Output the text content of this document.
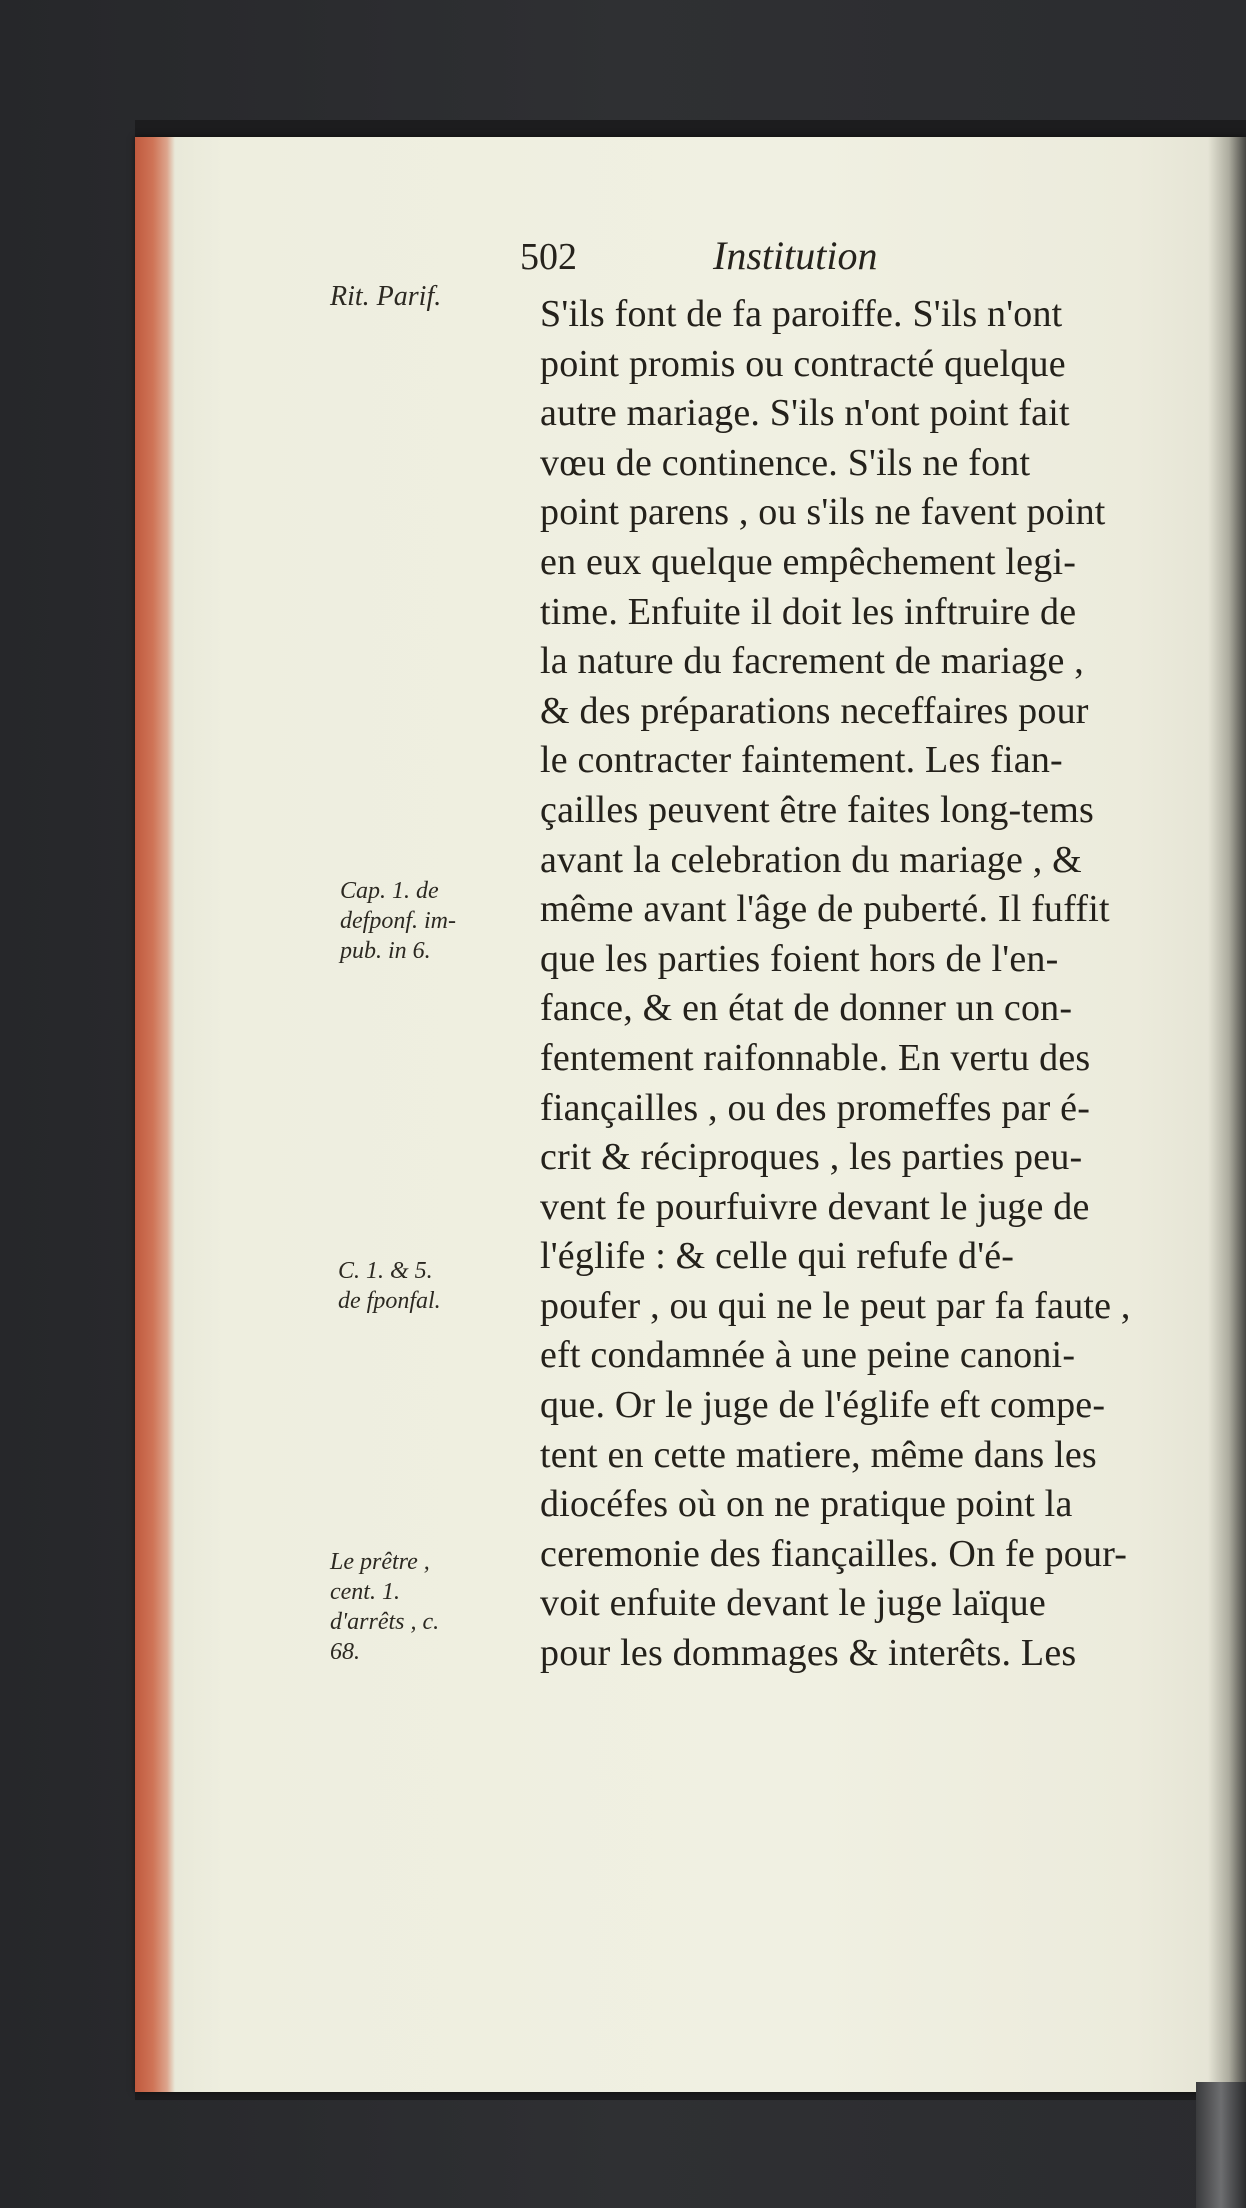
502	Institution
Rit. Parif.
Cap. 1. de
defponf. im-
pub. in 6.
C. 1. & 5.
de fponfal.
Le prêtre ,
cent. 1.
d'arrêts , c.
68.
S'ils font de fa paroiffe. S'ils n'ont
point promis ou contracté quelque
autre mariage. S'ils n'ont point fait
vœu de continence. S'ils ne font
point parens , ou s'ils ne favent point
en eux quelque empêchement legi-
time. Enfuite il doit les inftruire de
la nature du facrement de mariage ,
& des préparations neceffaires pour
le contracter faintement. Les fian-
çailles peuvent être faites long-tems
avant la celebration du mariage , &
même avant l'âge de puberté. Il fuffit
que les parties foient hors de l'en-
fance, & en état de donner un con-
fentement raifonnable. En vertu des
fiançailles , ou des promeffes par é-
crit & réciproques , les parties peu-
vent fe pourfuivre devant le juge de
l'églife : & celle qui refufe d'é-
poufer , ou qui ne le peut par fa faute ,
eft condamnée à une peine canoni-
que. Or le juge de l'églife eft compe-
tent en cette matiere, même dans les
diocéfes où on ne pratique point la
ceremonie des fiançailles. On fe pour-
voit enfuite devant le juge laïque
pour les dommages & interêts. Les
